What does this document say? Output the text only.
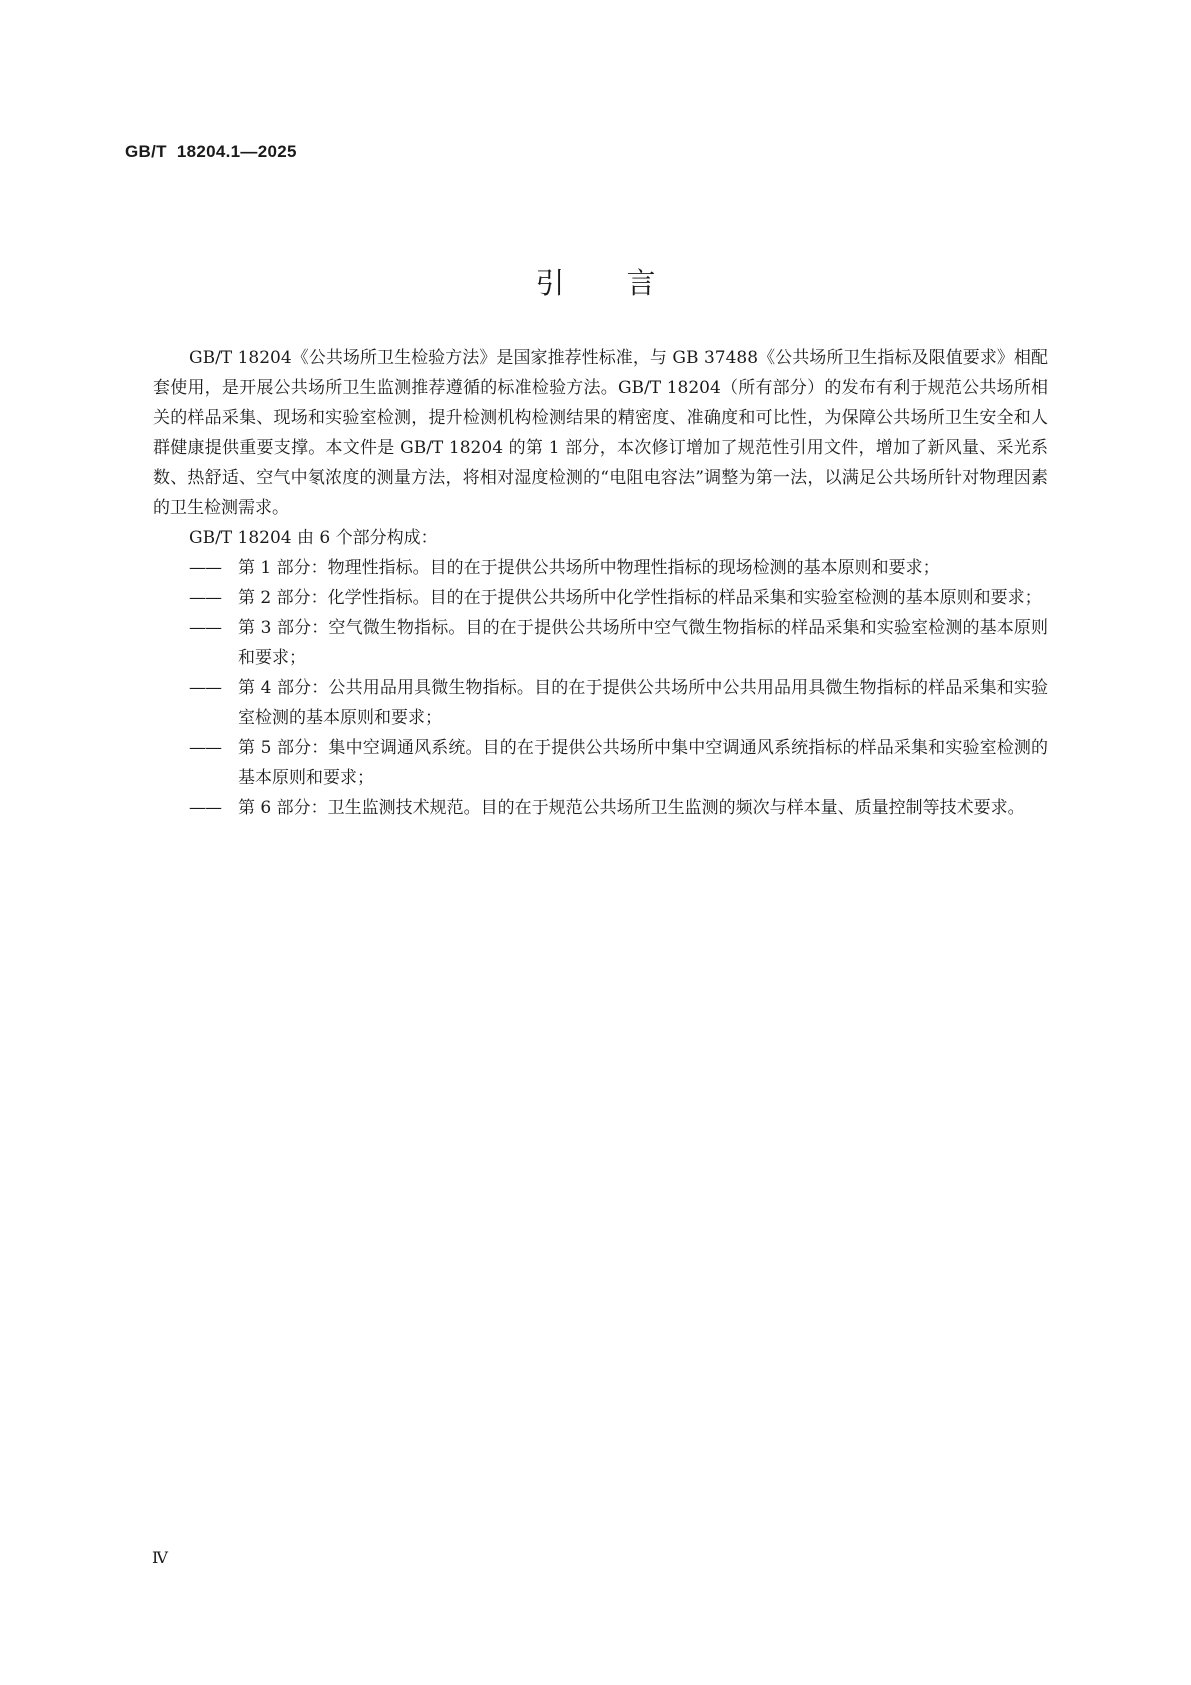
GB/T  18204.1—2025
引言

GB/T 18204《公共场所卫生检验方法》是国家推荐性标准，与 GB 37488《公共场所卫生指标及限值要求》相配套使用，是开展公共场所卫生监测推荐遵循的标准检验方法。GB/T 18204（所有部分）的发布有利于规范公共场所相关的样品采集、现场和实验室检测，提升检测机构检测结果的精密度、准确度和可比性，为保障公共场所卫生安全和人群健康提供重要支撑。本文件是 GB/T 18204 的第 1 部分，本次修订增加了规范性引用文件，增加了新风量、采光系数、热舒适、空气中氡浓度的测量方法，将相对湿度检测的“电阻电容法”调整为第一法，以满足公共场所针对物理因素的卫生检测需求。

GB/T 18204 由 6 个部分构成：

——	第 1 部分：物理性指标。目的在于提供公共场所中物理性指标的现场检测的基本原则和要求；
——	第 2 部分：化学性指标。目的在于提供公共场所中化学性指标的样品采集和实验室检测的基本原则和要求；
——	第 3 部分：空气微生物指标。目的在于提供公共场所中空气微生物指标的样品采集和实验室检测的基本原则和要求；
——	第 4 部分：公共用品用具微生物指标。目的在于提供公共场所中公共用品用具微生物指标的样品采集和实验室检测的基本原则和要求；
——	第 5 部分：集中空调通风系统。目的在于提供公共场所中集中空调通风系统指标的样品采集和实验室检测的基本原则和要求；
——	第 6 部分：卫生监测技术规范。目的在于规范公共场所卫生监测的频次与样本量、质量控制等技术要求。
Ⅳ
